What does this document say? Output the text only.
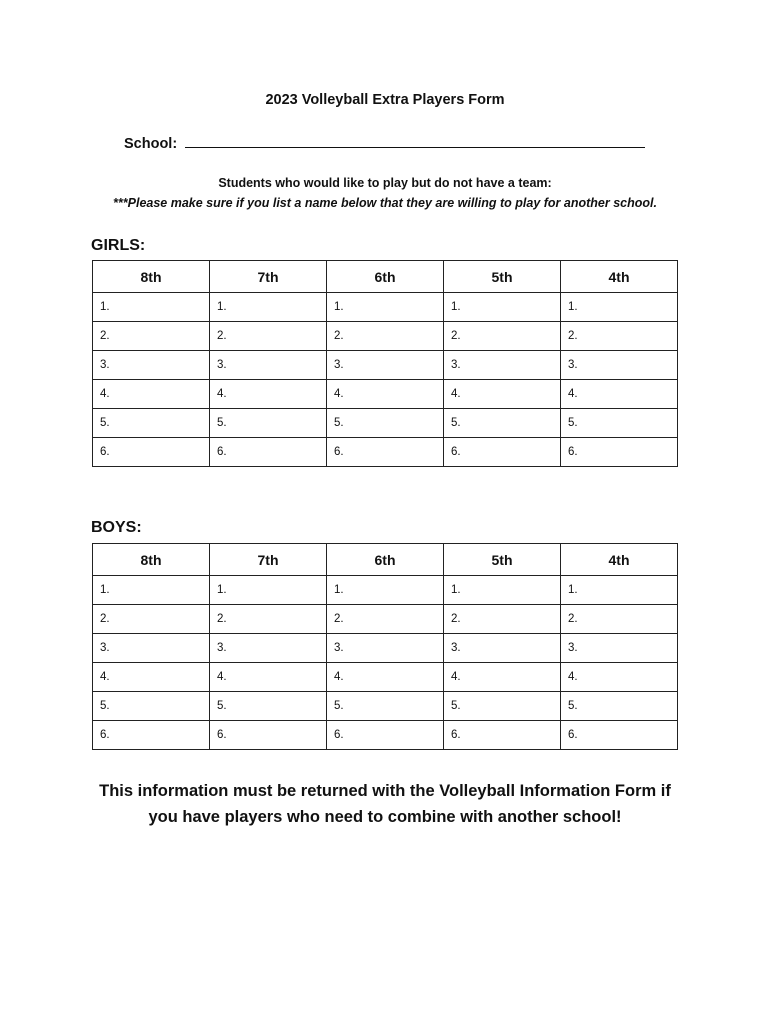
2023 Volleyball Extra Players Form
School:
Students who would like to play but do not have a team:
***Please make sure if you list a name below that they are willing to play for another school.
GIRLS:
8th	7th	6th	5th	4th
1.	1.	1.	1.	1.
2.	2.	2.	2.	2.
3.	3.	3.	3.	3.
4.	4.	4.	4.	4.
5.	5.	5.	5.	5.
6.	6.	6.	6.	6.
BOYS:
8th	7th	6th	5th	4th
1.	1.	1.	1.	1.
2.	2.	2.	2.	2.
3.	3.	3.	3.	3.
4.	4.	4.	4.	4.
5.	5.	5.	5.	5.
6.	6.	6.	6.	6.
This information must be returned with the Volleyball Information Form if
you have players who need to combine with another school!
